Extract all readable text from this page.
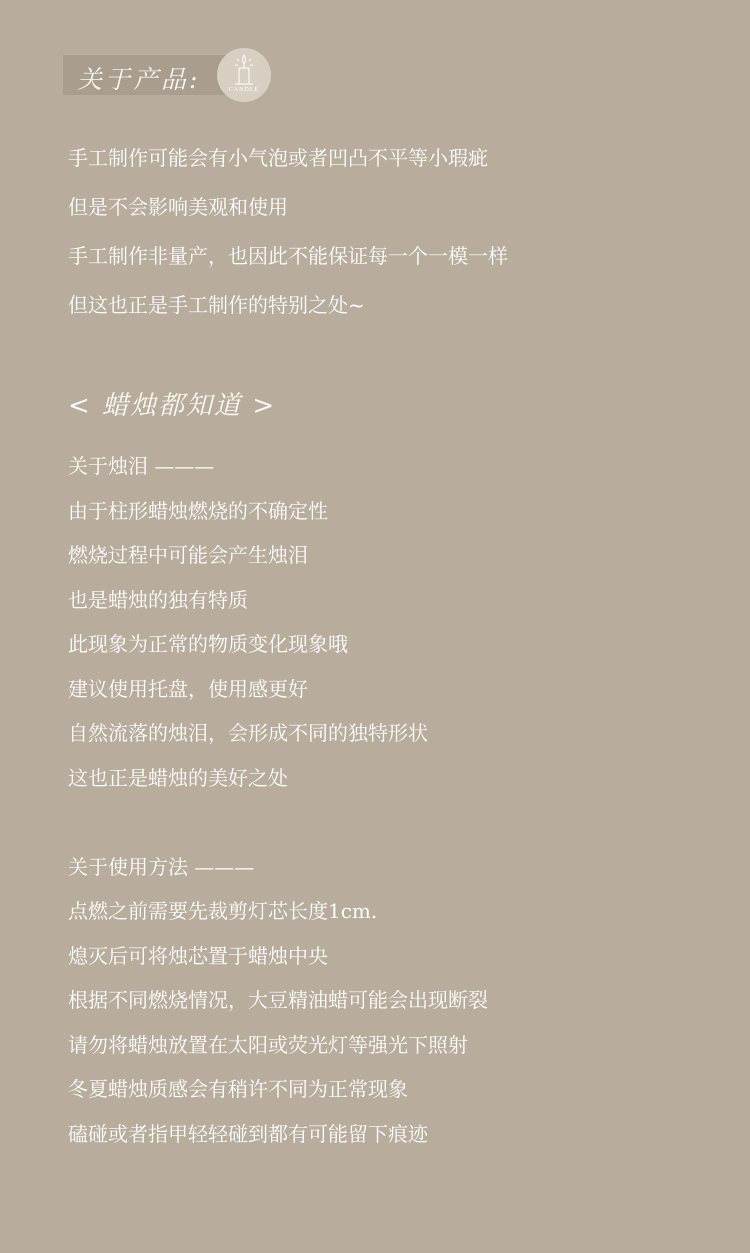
关于产品:	CANDLE
手工制作可能会有小气泡或者凹凸不平等小瑕疵
但是不会影响美观和使用
手工制作非量产，也因此不能保证每一个一模一样
但这也正是手工制作的特别之处~
< 蜡烛都知道 >
关于烛泪 ———
由于柱形蜡烛燃烧的不确定性
燃烧过程中可能会产生烛泪
也是蜡烛的独有特质
此现象为正常的物质变化现象哦
建议使用托盘，使用感更好
自然流落的烛泪，会形成不同的独特形状
这也正是蜡烛的美好之处
关于使用方法 ———
点燃之前需要先裁剪灯芯长度1cm.
熄灭后可将烛芯置于蜡烛中央
根据不同燃烧情况，大豆精油蜡可能会出现断裂
请勿将蜡烛放置在太阳或荧光灯等强光下照射
冬夏蜡烛质感会有稍许不同为正常现象
磕碰或者指甲轻轻碰到都有可能留下痕迹
